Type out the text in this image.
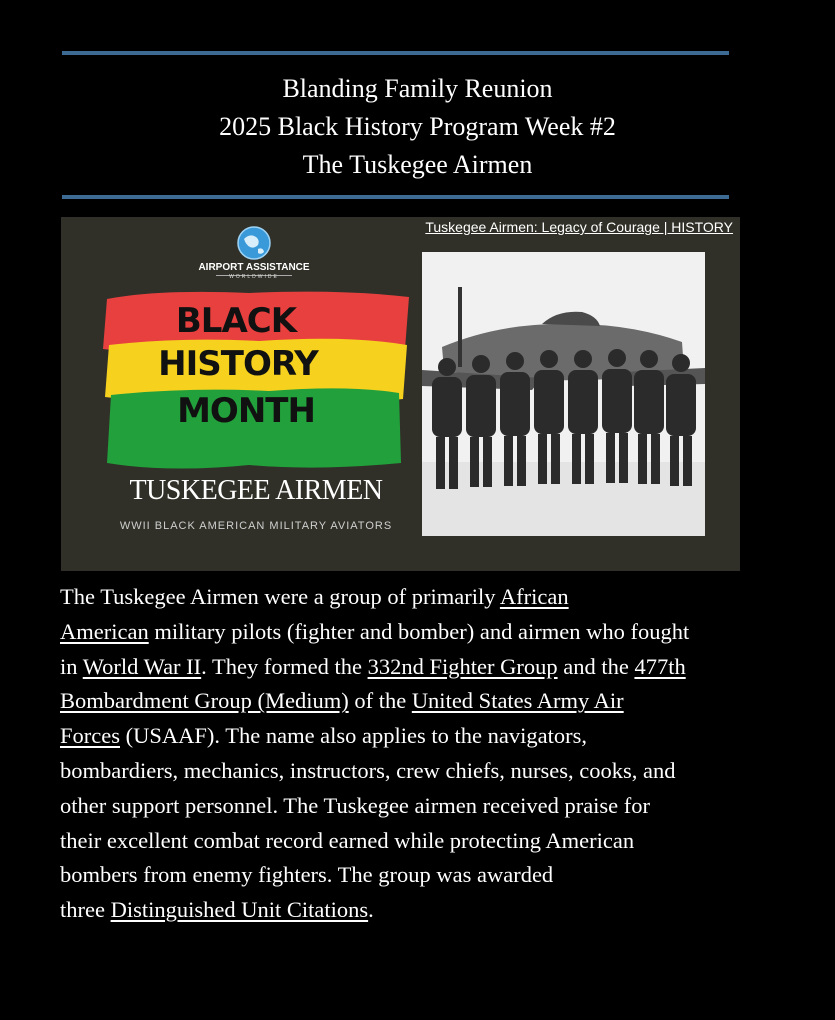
Blanding Family Reunion
2025 Black History Program Week #2
The Tuskegee Airmen
Tuskegee Airmen: Legacy of Courage | HISTORY
AIRPORT ASSISTANCE
WORLDWIDE
BLACK
HISTORY
MONTH
TUSKEGEE AIRMEN
WWII BLACK AMERICAN MILITARY AVIATORS
The Tuskegee Airmen were a group of primarily African
American military pilots (fighter and bomber) and airmen who fought
in World War II. They formed the 332nd Fighter Group and the 477th
Bombardment Group (Medium) of the United States Army Air
Forces (USAAF). The name also applies to the navigators,
bombardiers, mechanics, instructors, crew chiefs, nurses, cooks, and
other support personnel. The Tuskegee airmen received praise for
their excellent combat record earned while protecting American
bombers from enemy fighters. The group was awarded
three Distinguished Unit Citations.
